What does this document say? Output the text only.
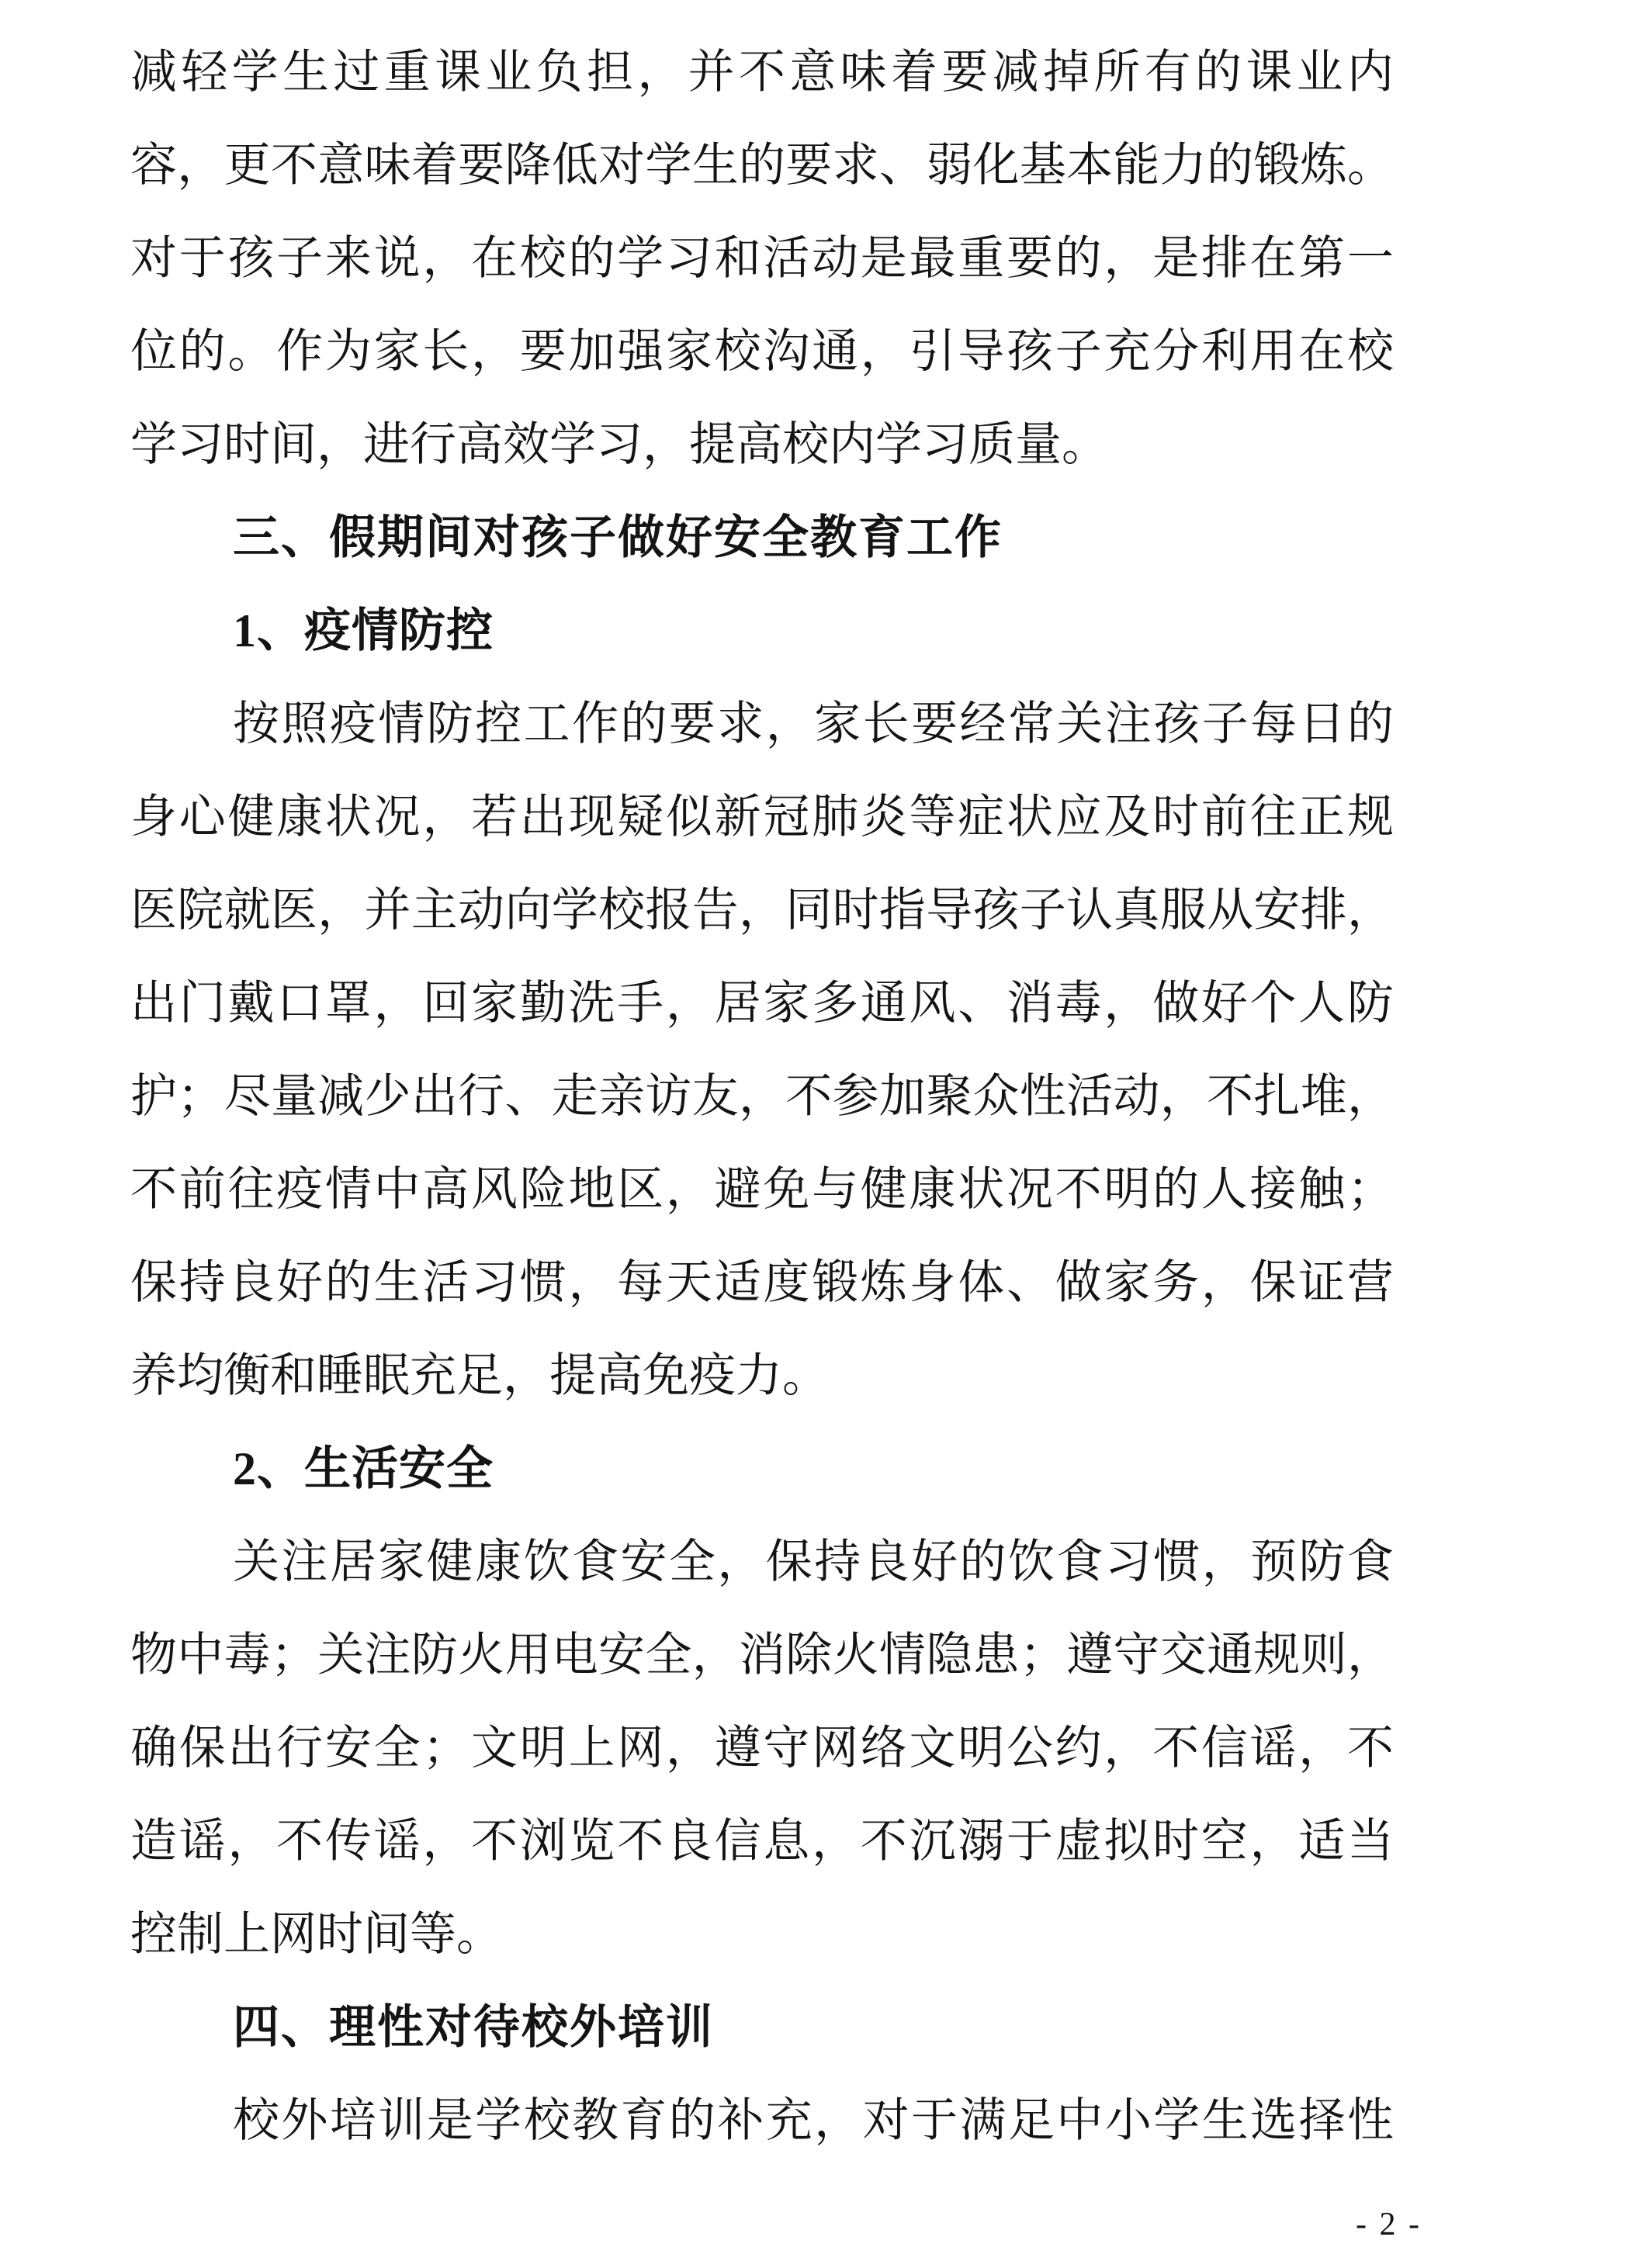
减轻学生过重课业负担，并不意味着要减掉所有的课业内
容，更不意味着要降低对学生的要求、弱化基本能力的锻炼。
对于孩子来说，在校的学习和活动是最重要的，是排在第一
位的。作为家长，要加强家校沟通，引导孩子充分利用在校
学习时间，进行高效学习，提高校内学习质量。
三、假期间对孩子做好安全教育工作
1、疫情防控
按照疫情防控工作的要求，家长要经常关注孩子每日的
身心健康状况，若出现疑似新冠肺炎等症状应及时前往正规
医院就医，并主动向学校报告，同时指导孩子认真服从安排，
出门戴口罩，回家勤洗手，居家多通风、消毒，做好个人防
护；尽量减少出行、走亲访友，不参加聚众性活动，不扎堆，
不前往疫情中高风险地区，避免与健康状况不明的人接触；
保持良好的生活习惯，每天适度锻炼身体、做家务，保证营
养均衡和睡眠充足，提高免疫力。
2、生活安全
关注居家健康饮食安全，保持良好的饮食习惯，预防食
物中毒；关注防火用电安全，消除火情隐患；遵守交通规则，
确保出行安全；文明上网，遵守网络文明公约，不信谣，不
造谣，不传谣，不浏览不良信息，不沉溺于虚拟时空，适当
控制上网时间等。
四、理性对待校外培训
校外培训是学校教育的补充，对于满足中小学生选择性
- 2 -
